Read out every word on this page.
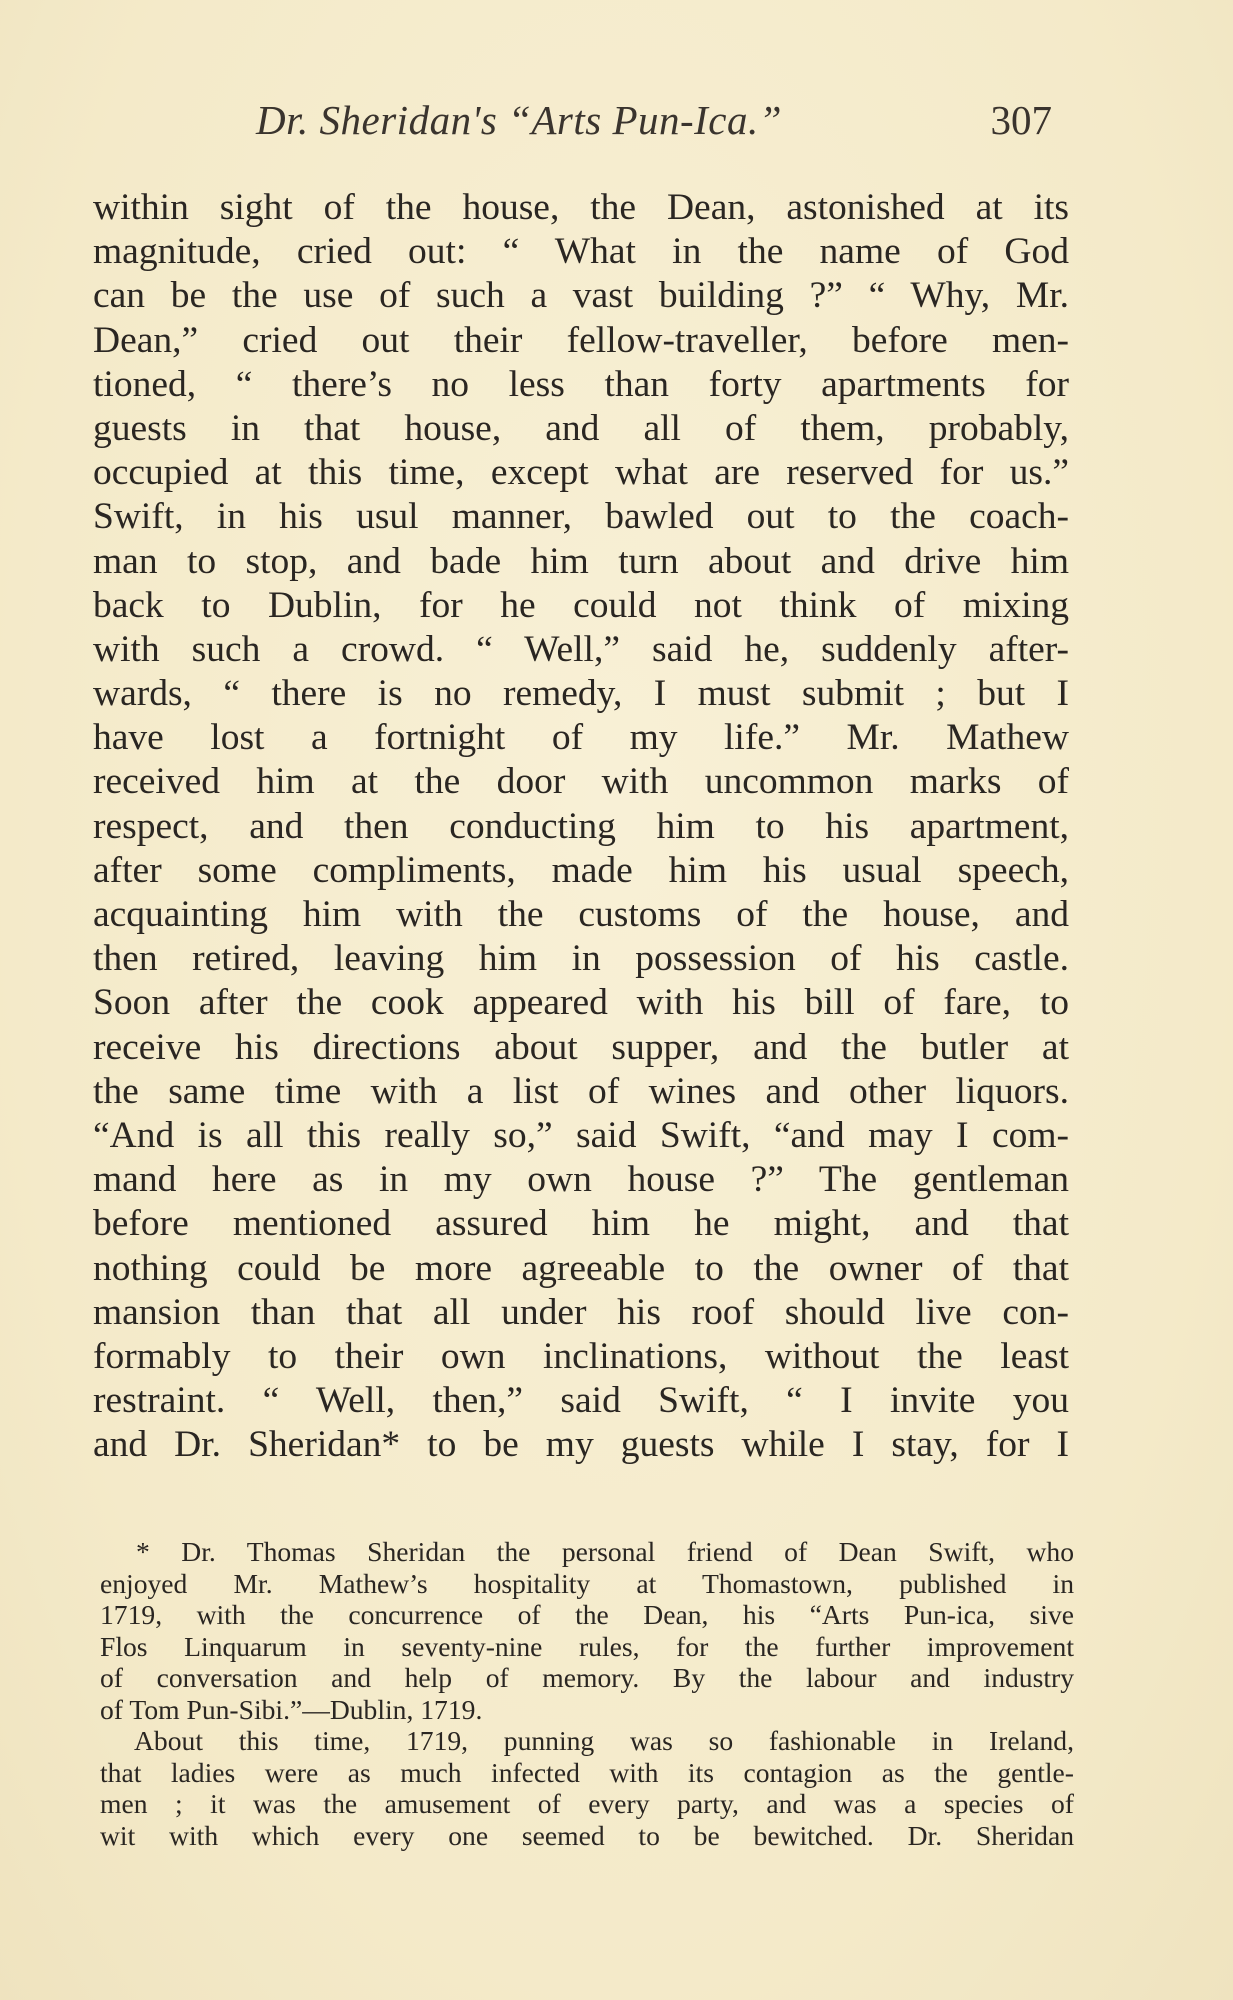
Dr. Sheridan's “Arts Pun-Ica.”	307
within sight of the house, the Dean, astonished at its
magnitude, cried out: “ What in the name of God
can be the use of such a vast building ?” “ Why, Mr.
Dean,” cried out their fellow-traveller, before men-
tioned, “ there’s no less than forty apartments for
guests in that house, and all of them, probably,
occupied at this time, except what are reserved for us.”
Swift, in his usul manner, bawled out to the coach-
man to stop, and bade him turn about and drive him
back to Dublin, for he could not think of mixing
with such a crowd. “ Well,” said he, suddenly after-
wards, “ there is no remedy, I must submit ; but I
have lost a fortnight of my life.” Mr. Mathew
received him at the door with uncommon marks of
respect, and then conducting him to his apartment,
after some compliments, made him his usual speech,
acquainting him with the customs of the house, and
then retired, leaving him in possession of his castle.
Soon after the cook appeared with his bill of fare, to
receive his directions about supper, and the butler at
the same time with a list of wines and other liquors.
“And is all this really so,” said Swift, “and may I com-
mand here as in my own house ?” The gentleman
before mentioned assured him he might, and that
nothing could be more agreeable to the owner of that
mansion than that all under his roof should live con-
formably to their own inclinations, without the least
restraint. “ Well, then,” said Swift, “ I invite you
and Dr. Sheridan* to be my guests while I stay, for I
* Dr. Thomas Sheridan the personal friend of Dean Swift, who
enjoyed Mr. Mathew’s hospitality at Thomastown, published in
1719, with the concurrence of the Dean, his “Arts Pun-ica, sive
Flos Linquarum in seventy-nine rules, for the further improvement
of conversation and help of memory. By the labour and industry
of Tom Pun-Sibi.”—Dublin, 1719.
About this time, 1719, punning was so fashionable in Ireland,
that ladies were as much infected with its contagion as the gentle-
men ; it was the amusement of every party, and was a species of
wit with which every one seemed to be bewitched. Dr. Sheridan
